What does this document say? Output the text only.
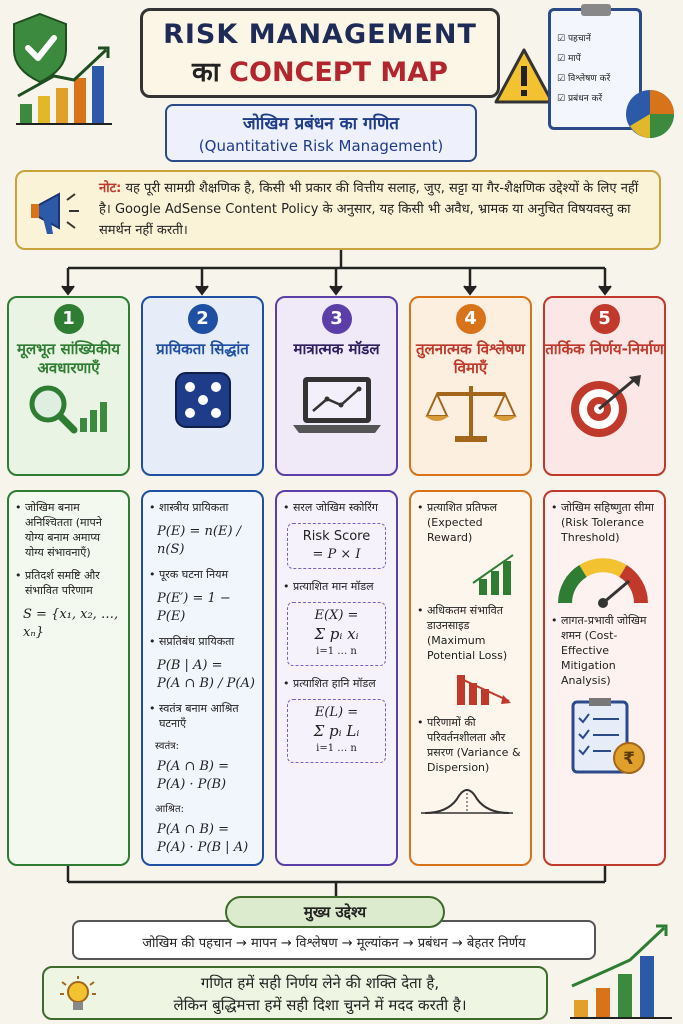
RISK MANAGEMENT
का CONCEPT MAP
☑ पहचानें
☑ मापें
☑ विश्लेषण करें
☑ प्रबंधन करें
जोखिम प्रबंधन का गणित
(Quantitative Risk Management)
नोट: यह पूरी सामग्री शैक्षणिक है, किसी भी प्रकार की वित्तीय सलाह, जुए, सट्टा या गैर-शैक्षणिक उद्देश्यों के लिए नहीं है। Google AdSense Content Policy के अनुसार, यह किसी भी अवैध, भ्रामक या अनुचित विषयवस्तु का समर्थन नहीं करती।
1
मूलभूत सांख्यिकीय अवधारणाएँ
2
प्रायिकता सिद्धांत
3
मात्रात्मक मॉडल
4
तुलनात्मक विश्लेषण विमाएँ
5
तार्किक निर्णय-निर्माण
• जोखिम बनाम अनिश्चितता (मापने योग्य बनाम अमाप्य योग्य संभावनाएँ)
• प्रतिदर्श समष्टि और संभावित परिणाम
S = {x₁, x₂, …, xₙ}
• शास्त्रीय प्रायिकता
P(E) = n(E) / n(S)
• पूरक घटना नियम
P(E′) = 1 − P(E)
• सप्रतिबंध प्रायिकता
P(B | A) =
P(A ∩ B) / P(A)
• स्वतंत्र बनाम आश्रित घटनाएँ
स्वतंत्र:
P(A ∩ B) = P(A) · P(B)
आश्रित:
P(A ∩ B) = P(A) · P(B | A)
• सरल जोखिम स्कोरिंग
Risk Score
= P × I
• प्रत्याशित मान मॉडल
E(X) =
Σ pᵢ xᵢ
i=1 … n
• प्रत्याशित हानि मॉडल
E(L) =
Σ pᵢ Lᵢ
i=1 … n
• प्रत्याशित प्रतिफल (Expected Reward)
• अधिकतम संभावित डाउनसाइड (Maximum Potential Loss)
• परिणामों की परिवर्तनशीलता और प्रसरण (Variance & Dispersion)
• जोखिम सहिष्णुता सीमा (Risk Tolerance Threshold)
• लागत-प्रभावी जोखिम शमन (Cost-Effective Mitigation Analysis)
₹
जोखिम की पहचान → मापन → विश्लेषण → मूल्यांकन → प्रबंधन → बेहतर निर्णय
मुख्य उद्देश्य
गणित हमें सही निर्णय लेने की शक्ति देता है,
लेकिन बुद्धिमत्ता हमें सही दिशा चुनने में मदद करती है।
